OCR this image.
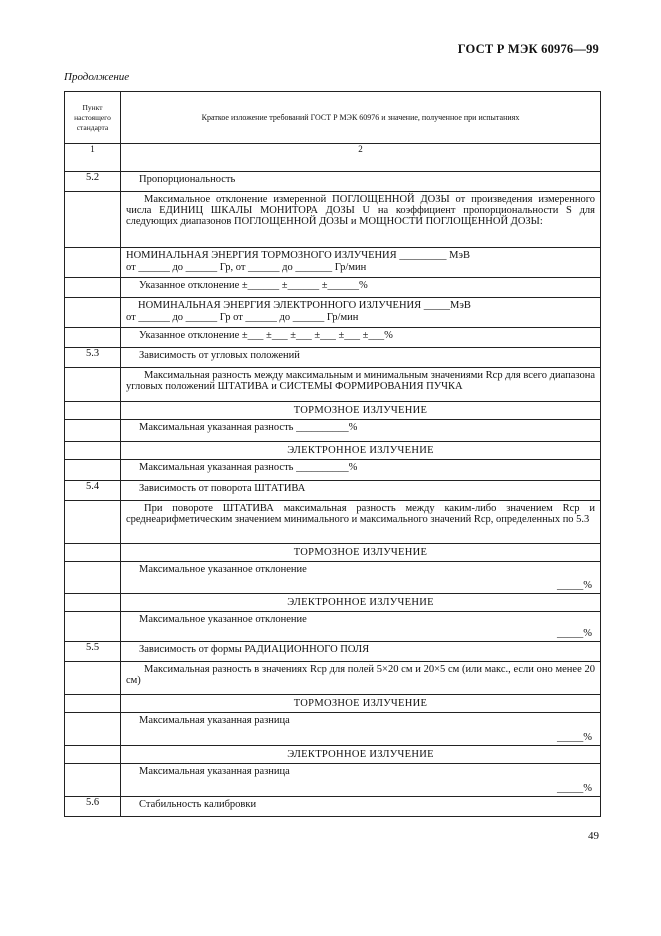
ГОСТ Р МЭК 60976—99
Продолжение
Пункт настоящего стандарта	Краткое изложение требований ГОСТ Р МЭК 60976 и значение, полученное при испытаниях
1	2
5.2	Пропорциональность

	Максимальное отклонение измеренной ПОГЛОЩЕННОЙ ДОЗЫ от произведения измеренного числа ЕДИНИЦ ШКАЛЫ МОНИТОРА ДОЗЫ U на коэффициент пропорциональности S для следующих диапазонов ПОГЛОЩЕННОЙ ДОЗЫ и МОЩНОСТИ ПОГЛОЩЕННОЙ ДОЗЫ:

	НОМИНАЛЬНАЯ ЭНЕРГИЯ ТОРМОЗНОГО ИЗЛУЧЕНИЯ _________ МэВ
от ______ до ______ Гр, от ______ до _______ Гр/мин

	Указанное отклонение ±______ ±______ ±______%

	НОМИНАЛЬНАЯ ЭНЕРГИЯ ЭЛЕКТРОННОГО ИЗЛУЧЕНИЯ _____МэВ
от ______ до ______ Гр от ______ до ______ Гр/мин

	Указанное отклонение ±___ ±___ ±___ ±___ ±___ ±___%
5.3	Зависимость от угловых положений

	Максимальная разность между максимальным и минимальным значениями Rср для всего диапазона угловых положений ШТАТИВА и СИСТЕМЫ ФОРМИРОВАНИЯ ПУЧКА

	ТОРМОЗНОЕ ИЗЛУЧЕНИЕ
	Максимальная указанная разность __________%
	ЭЛЕКТРОННОЕ ИЗЛУЧЕНИЕ
	Максимальная указанная разность __________%
5.4	Зависимость от поворота ШТАТИВА

	При повороте ШТАТИВА максимальная разность между каким-либо значением Rср и среднеарифметическим значением минимального и максимального значений Rср, определенных по 5.3

	ТОРМОЗНОЕ ИЗЛУЧЕНИЕ
	Максимальное указанное отклонение
_____%

	ЭЛЕКТРОННОЕ ИЗЛУЧЕНИЕ
	Максимальное указанное отклонение
_____%

5.5	Зависимость от формы РАДИАЦИОННОГО ПОЛЯ

	Максимальная разность в значениях Rср для полей 5×20 см и 20×5 см (или макс., если оно менее 20 см)

	ТОРМОЗНОЕ ИЗЛУЧЕНИЕ
	Максимальная указанная разница
_____%

	ЭЛЕКТРОННОЕ ИЗЛУЧЕНИЕ
	Максимальная указанная разница
_____%

5.6	Стабильность калибровки
49
